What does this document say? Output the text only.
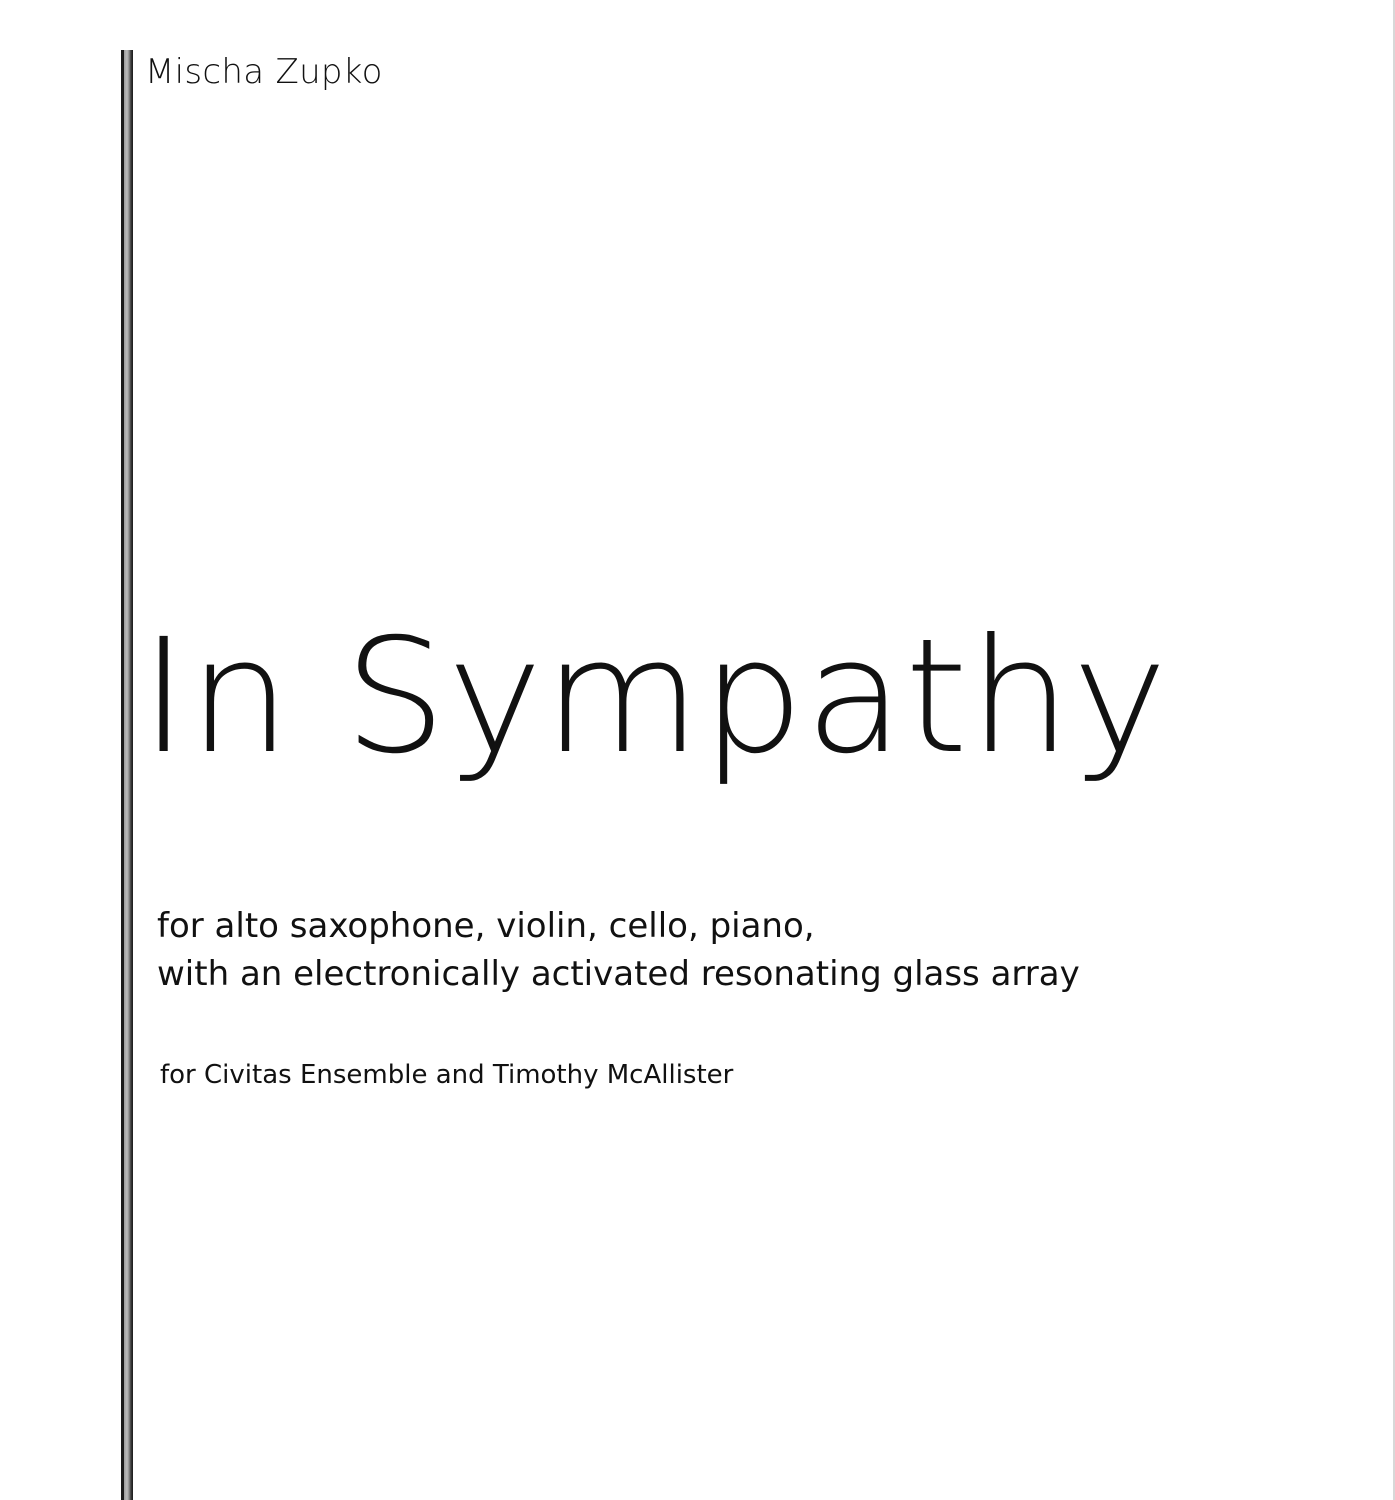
Mischa Zupko
In Sympathy
for alto saxophone, violin, cello, piano,
with an electronically activated resonating glass array
for Civitas Ensemble and Timothy McAllister
